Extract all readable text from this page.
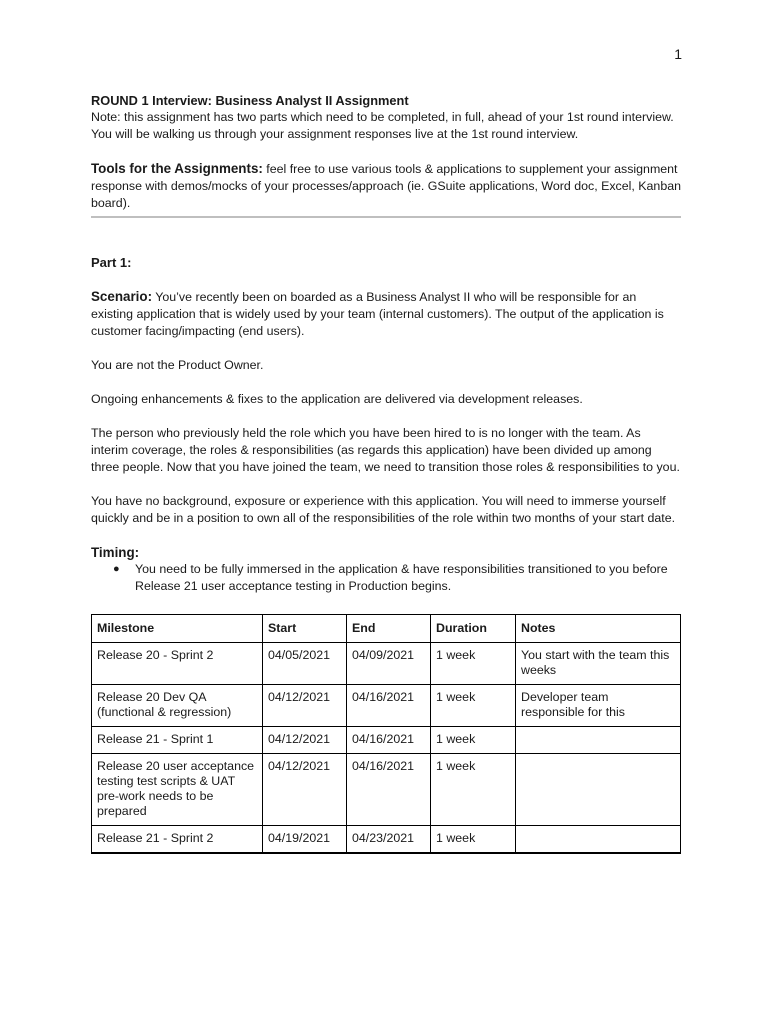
1
ROUND 1 Interview: Business Analyst II Assignment
Note: this assignment has two parts which need to be completed, in full, ahead of your 1st round interview. You will be walking us through your assignment responses live at the 1st round interview.
Tools for the Assignments: feel free to use various tools & applications to supplement your assignment response with demos/mocks of your processes/approach (ie. GSuite applications, Word doc, Excel, Kanban board).
Part 1:
Scenario: You’ve recently been on boarded as a Business Analyst II who will be responsible for an existing application that is widely used by your team (internal customers). The output of the application is customer facing/impacting (end users).
You are not the Product Owner.
Ongoing enhancements & fixes to the application are delivered via development releases.
The person who previously held the role which you have been hired to is no longer with the team. As interim coverage, the roles & responsibilities (as regards this application) have been divided up among three people. Now that you have joined the team, we need to transition those roles & responsibilities to you.
You have no background, exposure or experience with this application. You will need to immerse yourself quickly and be in a position to own all of the responsibilities of the role within two months of your start date.
Timing:
●	You need to be fully immersed in the application & have responsibilities transitioned to you before Release 21 user acceptance testing in Production begins.
Milestone	Start	End	Duration	Notes
Release 20 - Sprint 2	04/05/2021	04/09/2021	1 week	You start with the team this weeks
Release 20 Dev QA (functional & regression)	04/12/2021	04/16/2021	1 week	Developer team responsible for this
Release 21 - Sprint 1	04/12/2021	04/16/2021	1 week	
Release 20 user acceptance testing test scripts & UAT pre-work needs to be prepared	04/12/2021	04/16/2021	1 week	
Release 21 - Sprint 2	04/19/2021	04/23/2021	1 week	
